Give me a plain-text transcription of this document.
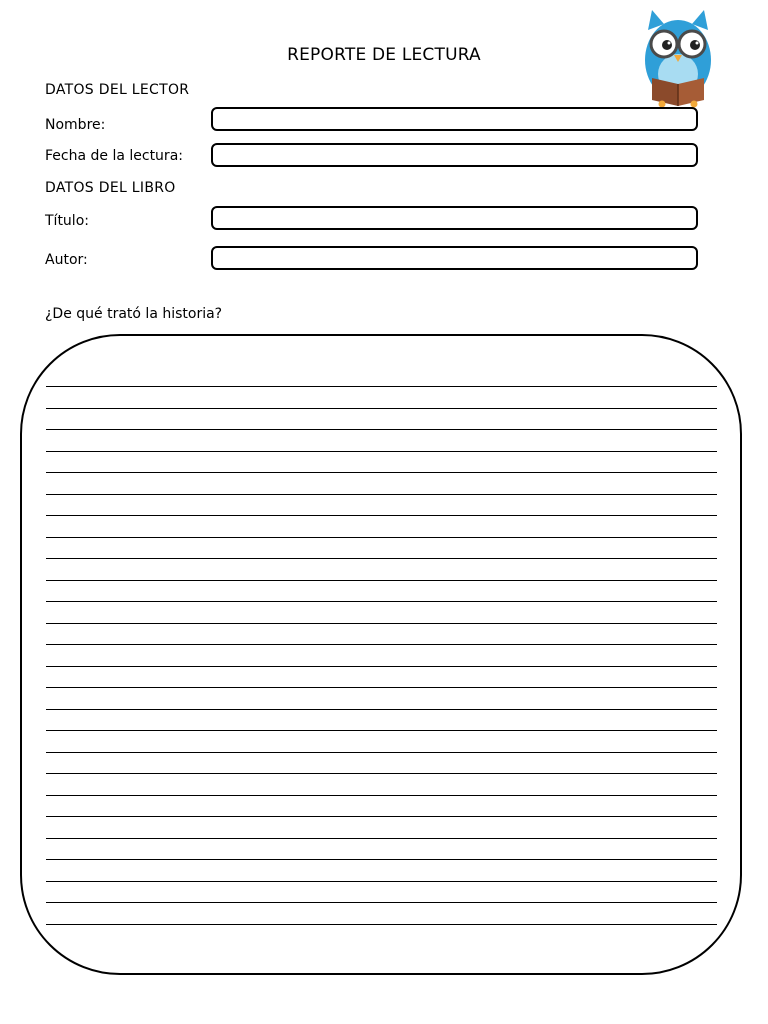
REPORTE DE LECTURA
DATOS DEL LECTOR
Nombre:
Fecha de la lectura:
DATOS DEL LIBRO
Título:
Autor:
¿De qué trató la historia?
